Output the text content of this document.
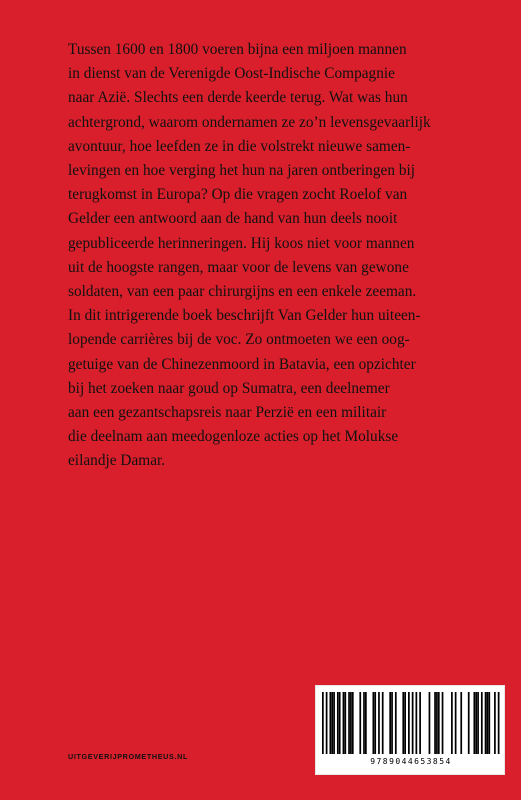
Tussen 1600 en 1800 voeren bijna een miljoen mannen
in dienst van de Verenigde Oost-Indische Compagnie
naar Azië. Slechts een derde keerde terug. Wat was hun
achtergrond, waarom ondernamen ze zo’n levensgevaarlijk
avontuur, hoe leefden ze in die volstrekt nieuwe samen-
levingen en hoe verging het hun na jaren ontberingen bij
terugkomst in Europa? Op die vragen zocht Roelof van
Gelder een antwoord aan de hand van hun deels nooit
gepubliceerde herinneringen. Hij koos niet voor mannen
uit de hoogste rangen, maar voor de levens van gewone
soldaten, van een paar chirurgijns en een enkele zeeman.
In dit intrigerende boek beschrijft Van Gelder hun uiteen-
lopende carrières bij de voc. Zo ontmoeten we een oog-
getuige van de Chinezenmoord in Batavia, een opzichter
bij het zoeken naar goud op Sumatra, een deelnemer
aan een gezantschapsreis naar Perzië en een militair
die deelnam aan meedogenloze acties op het Molukse
eilandje Damar.
UITGEVERIJPROMETHEUS.NL
9789044653854
